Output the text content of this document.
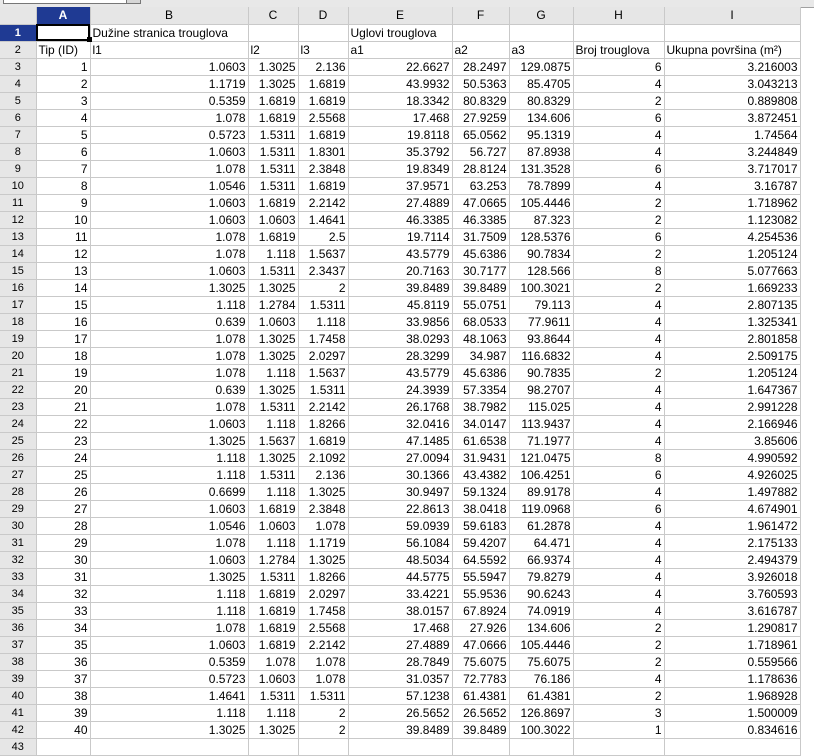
	A	B	C	D	E	F	G	H	I
1		Dužine stranica trouglova			Uglovi trouglova				
2	Tip (ID)	l1	l2	l3	a1	a2	a3	Broj trouglova	Ukupna površina (m²)
3	1	1.0603	1.3025	2.136	22.6627	28.2497	129.0875	6	3.216003
4	2	1.1719	1.3025	1.6819	43.9932	50.5363	85.4705	4	3.043213
5	3	0.5359	1.6819	1.6819	18.3342	80.8329	80.8329	2	0.889808
6	4	1.078	1.6819	2.5568	17.468	27.9259	134.606	6	3.872451
7	5	0.5723	1.5311	1.6819	19.8118	65.0562	95.1319	4	1.74564
8	6	1.0603	1.5311	1.8301	35.3792	56.727	87.8938	4	3.244849
9	7	1.078	1.5311	2.3848	19.8349	28.8124	131.3528	6	3.717017
10	8	1.0546	1.5311	1.6819	37.9571	63.253	78.7899	4	3.16787
11	9	1.0603	1.6819	2.2142	27.4889	47.0665	105.4446	2	1.718962
12	10	1.0603	1.0603	1.4641	46.3385	46.3385	87.323	2	1.123082
13	11	1.078	1.6819	2.5	19.7114	31.7509	128.5376	6	4.254536
14	12	1.078	1.118	1.5637	43.5779	45.6386	90.7834	2	1.205124
15	13	1.0603	1.5311	2.3437	20.7163	30.7177	128.566	8	5.077663
16	14	1.3025	1.3025	2	39.8489	39.8489	100.3021	2	1.669233
17	15	1.118	1.2784	1.5311	45.8119	55.0751	79.113	4	2.807135
18	16	0.639	1.0603	1.118	33.9856	68.0533	77.9611	4	1.325341
19	17	1.078	1.3025	1.7458	38.0293	48.1063	93.8644	4	2.801858
20	18	1.078	1.3025	2.0297	28.3299	34.987	116.6832	4	2.509175
21	19	1.078	1.118	1.5637	43.5779	45.6386	90.7835	2	1.205124
22	20	0.639	1.3025	1.5311	24.3939	57.3354	98.2707	4	1.647367
23	21	1.078	1.5311	2.2142	26.1768	38.7982	115.025	4	2.991228
24	22	1.0603	1.118	1.8266	32.0416	34.0147	113.9437	4	2.166946
25	23	1.3025	1.5637	1.6819	47.1485	61.6538	71.1977	4	3.85606
26	24	1.118	1.3025	2.1092	27.0094	31.9431	121.0475	8	4.990592
27	25	1.118	1.5311	2.136	30.1366	43.4382	106.4251	6	4.926025
28	26	0.6699	1.118	1.3025	30.9497	59.1324	89.9178	4	1.497882
29	27	1.0603	1.6819	2.3848	22.8613	38.0418	119.0968	6	4.674901
30	28	1.0546	1.0603	1.078	59.0939	59.6183	61.2878	4	1.961472
31	29	1.078	1.118	1.1719	56.1084	59.4207	64.471	4	2.175133
32	30	1.0603	1.2784	1.3025	48.5034	64.5592	66.9374	4	2.494379
33	31	1.3025	1.5311	1.8266	44.5775	55.5947	79.8279	4	3.926018
34	32	1.118	1.6819	2.0297	33.4221	55.9536	90.6243	4	3.760593
35	33	1.118	1.6819	1.7458	38.0157	67.8924	74.0919	4	3.616787
36	34	1.078	1.6819	2.5568	17.468	27.926	134.606	2	1.290817
37	35	1.0603	1.6819	2.2142	27.4889	47.0666	105.4446	2	1.718961
38	36	0.5359	1.078	1.078	28.7849	75.6075	75.6075	2	0.559566
39	37	0.5723	1.0603	1.078	31.0357	72.7783	76.186	4	1.178636
40	38	1.4641	1.5311	1.5311	57.1238	61.4381	61.4381	2	1.968928
41	39	1.118	1.118	2	26.5652	26.5652	126.8697	3	1.500009
42	40	1.3025	1.3025	2	39.8489	39.8489	100.3022	1	0.834616
43									
